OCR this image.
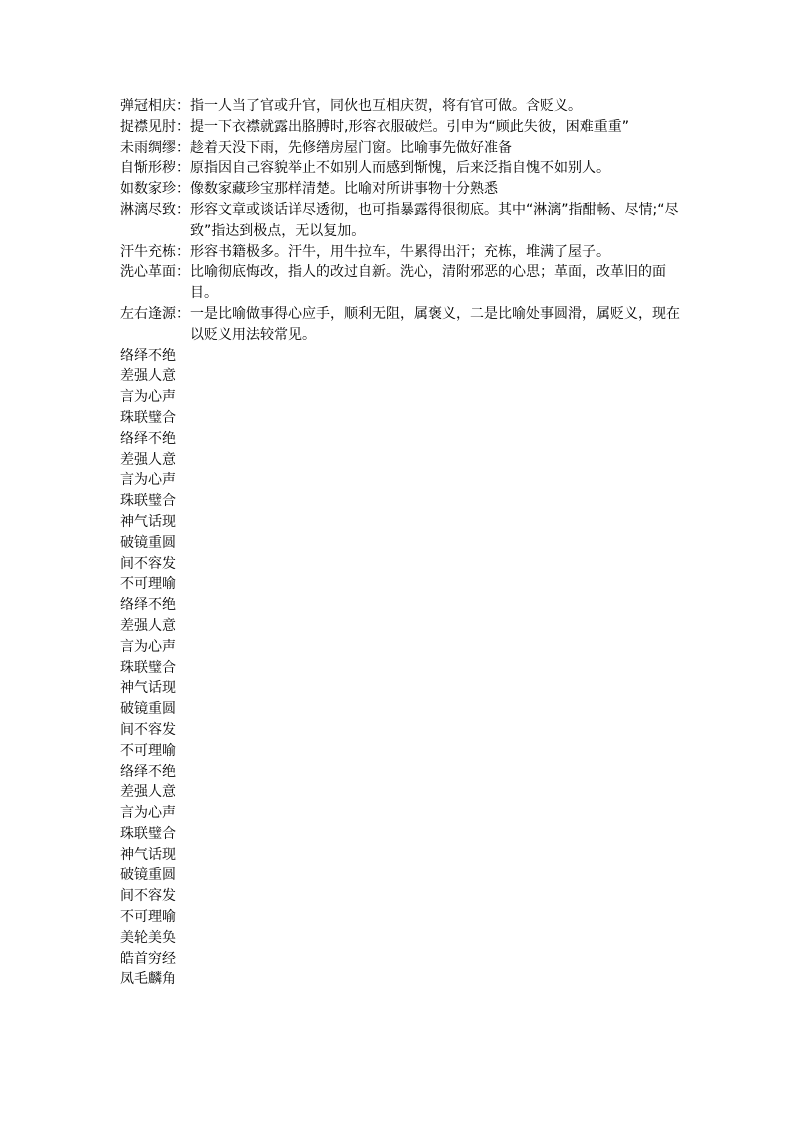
弹冠相庆： 指一人当了官或升官，同伙也互相庆贺，将有官可做。含贬义。
捉襟见肘： 提一下衣襟就露出胳膊时,形容衣服破烂。引申为“顾此失彼，困难重重”
未雨绸缪： 趁着天没下雨，先修缮房屋门窗。比喻事先做好准备
自惭形秽： 原指因自己容貌举止不如别人而感到惭愧，后来泛指自愧不如别人。
如数家珍： 像数家藏珍宝那样清楚。比喻对所讲事物十分熟悉
淋漓尽致： 形容文章或谈话详尽透彻，也可指暴露得很彻底。其中“淋漓”指酣畅、尽情;“尽致”指达到极点，无以复加。
汗牛充栋： 形容书籍极多。汗牛，用牛拉车，牛累得出汗；充栋，堆满了屋子。
洗心革面： 比喻彻底悔改，指人的改过自新。洗心，清附邪恶的心思；革面，改革旧的面目。
左右逢源： 一是比喻做事得心应手，顺利无阻，属褒义，二是比喻处事圆滑，属贬义，现在以贬义用法较常见。
络绎不绝
差强人意
言为心声
珠联璧合
络绎不绝
差强人意
言为心声
珠联璧合
神气话现
破镜重圆
间不容发
不可理喻
络绎不绝
差强人意
言为心声
珠联璧合
神气话现
破镜重圆
间不容发
不可理喻
络绎不绝
差强人意
言为心声
珠联璧合
神气话现
破镜重圆
间不容发
不可理喻
美轮美奂
皓首穷经
凤毛麟角
